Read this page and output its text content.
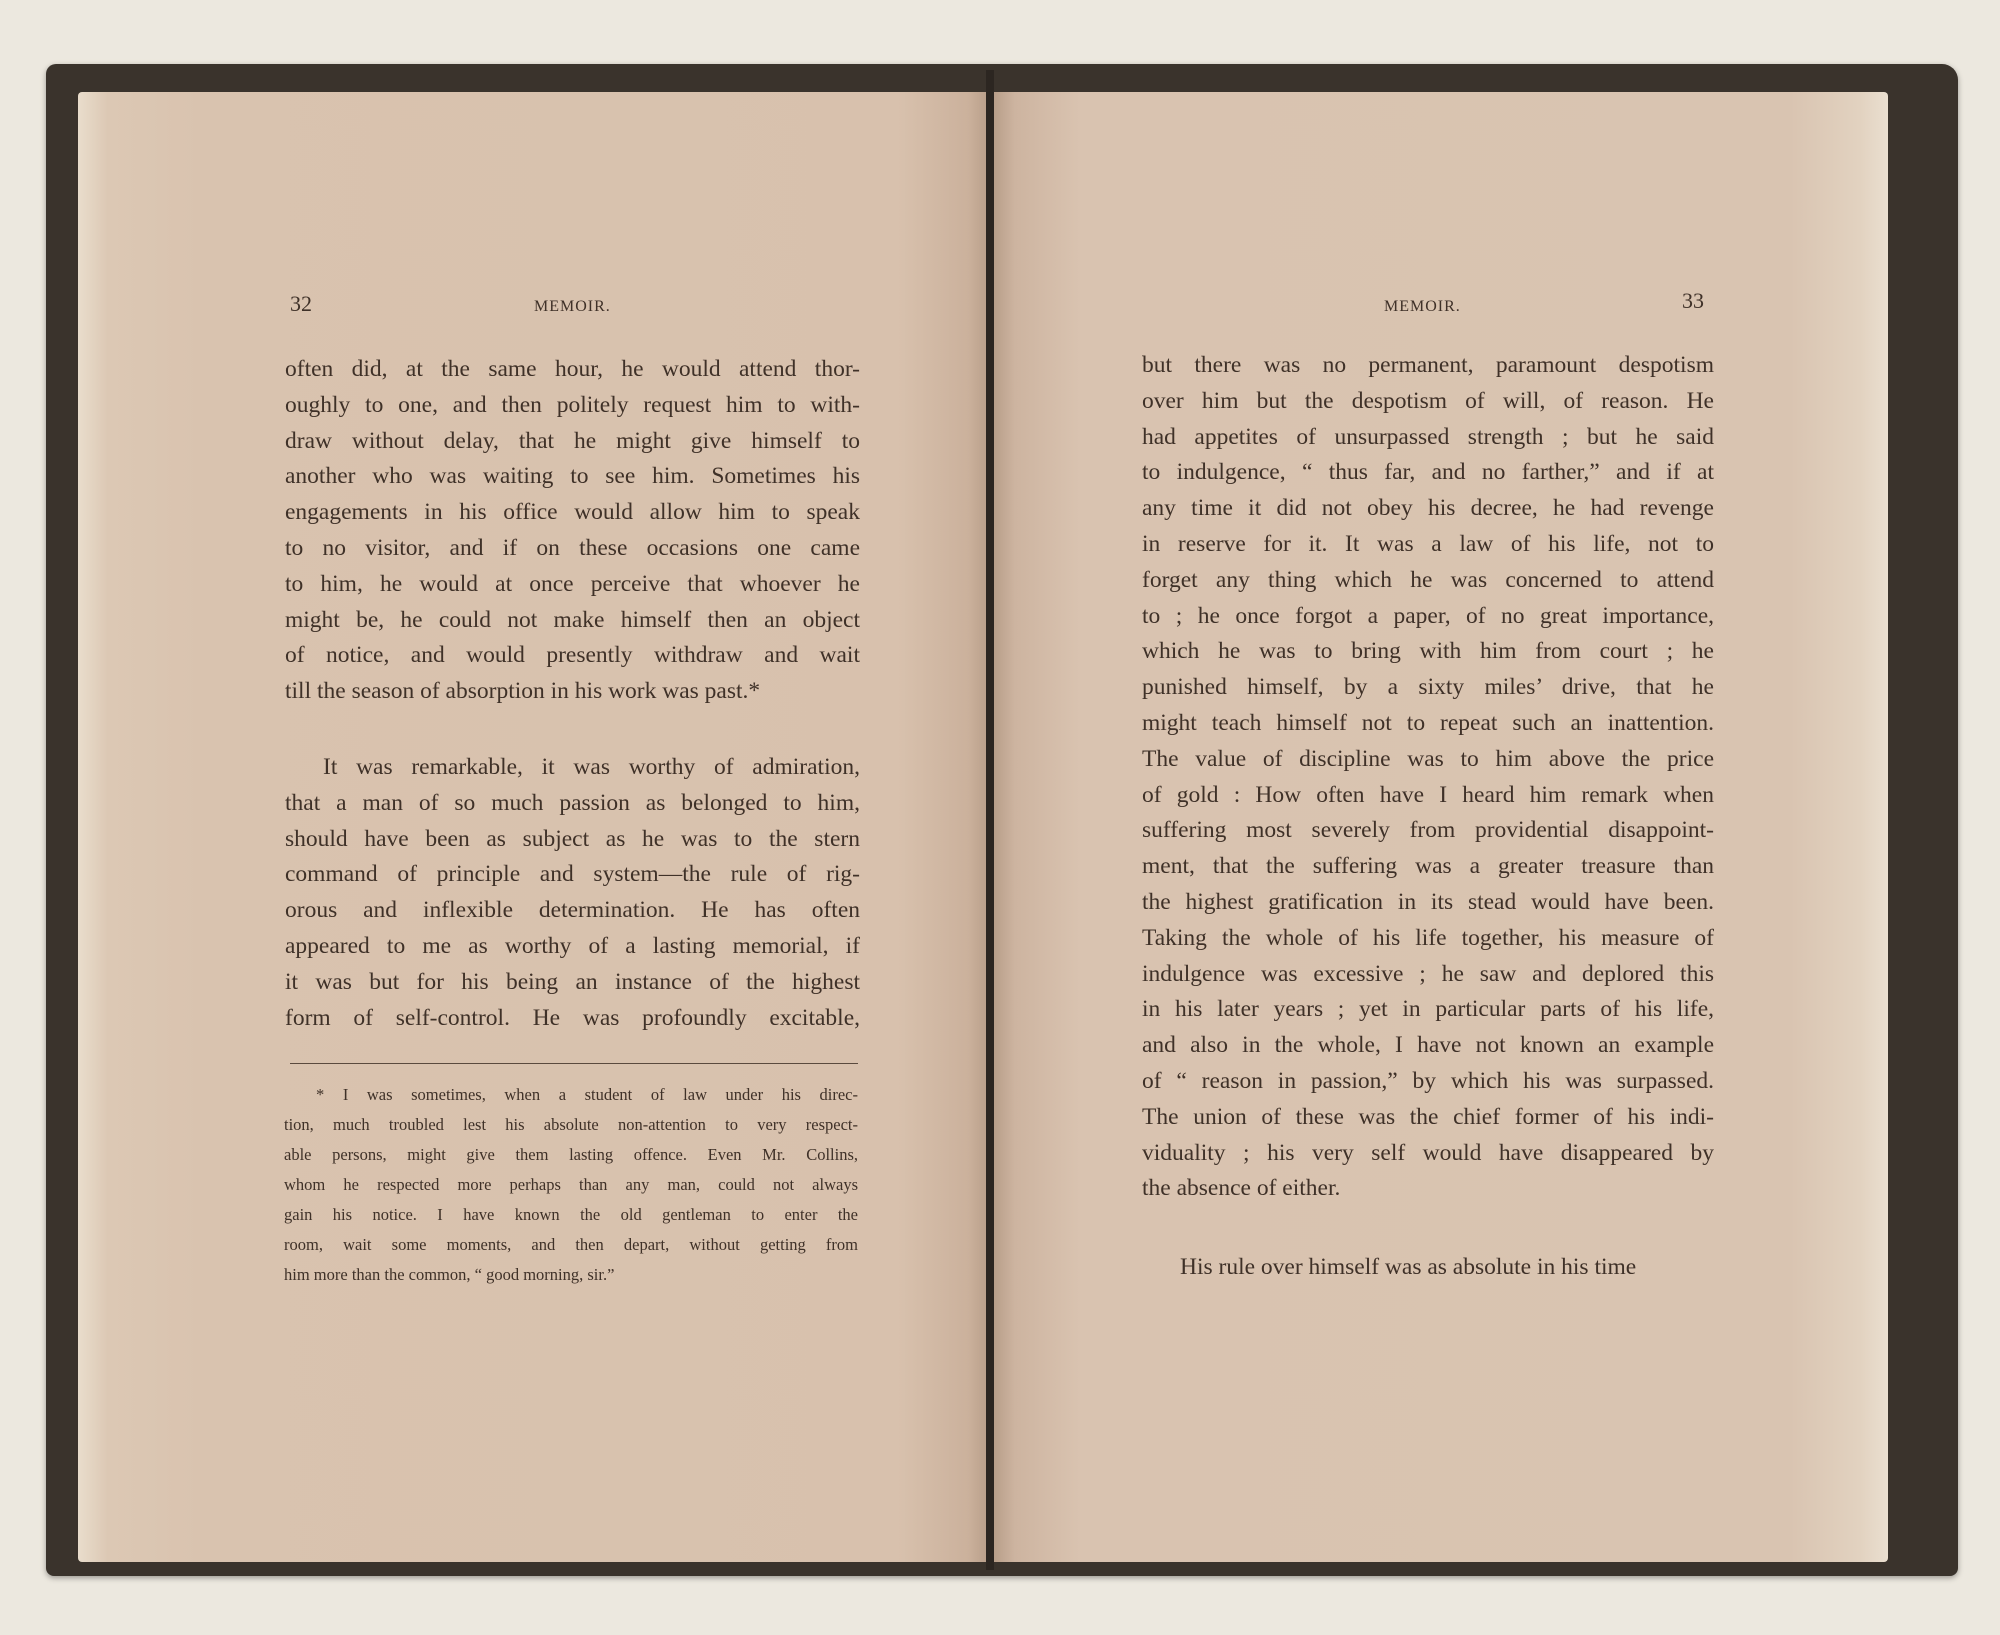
32	MEMOIR.
often did, at the same hour, he would attend thor-
oughly to one, and then politely request him to with-
draw without delay, that he might give himself to
another who was waiting to see him. Sometimes his
engagements in his office would allow him to speak
to no visitor, and if on these occasions one came
to him, he would at once perceive that whoever he
might be, he could not make himself then an object
of notice, and would presently withdraw and wait
till the season of absorption in his work was past.*
It was remarkable, it was worthy of admiration,
that a man of so much passion as belonged to him,
should have been as subject as he was to the stern
command of principle and system—the rule of rig-
orous and inflexible determination. He has often
appeared to me as worthy of a lasting memorial, if
it was but for his being an instance of the highest
form of self-control. He was profoundly excitable,
* I was sometimes, when a student of law under his direc-
tion, much troubled lest his absolute non-attention to very respect-
able persons, might give them lasting offence. Even Mr. Collins,
whom he respected more perhaps than any man, could not always
gain his notice. I have known the old gentleman to enter the
room, wait some moments, and then depart, without getting from
him more than the common, “ good morning, sir.”
MEMOIR.	33
but there was no permanent, paramount despotism
over him but the despotism of will, of reason. He
had appetites of unsurpassed strength ; but he said
to indulgence, “ thus far, and no farther,” and if at
any time it did not obey his decree, he had revenge
in reserve for it. It was a law of his life, not to
forget any thing which he was concerned to attend
to ; he once forgot a paper, of no great importance,
which he was to bring with him from court ; he
punished himself, by a sixty miles’ drive, that he
might teach himself not to repeat such an inattention.
The value of discipline was to him above the price
of gold : How often have I heard him remark when
suffering most severely from providential disappoint-
ment, that the suffering was a greater treasure than
the highest gratification in its stead would have been.
Taking the whole of his life together, his measure of
indulgence was excessive ; he saw and deplored this
in his later years ; yet in particular parts of his life,
and also in the whole, I have not known an example
of “ reason in passion,” by which his was surpassed.
The union of these was the chief former of his indi-
viduality ; his very self would have disappeared by
the absence of either.
His rule over himself was as absolute in his time
